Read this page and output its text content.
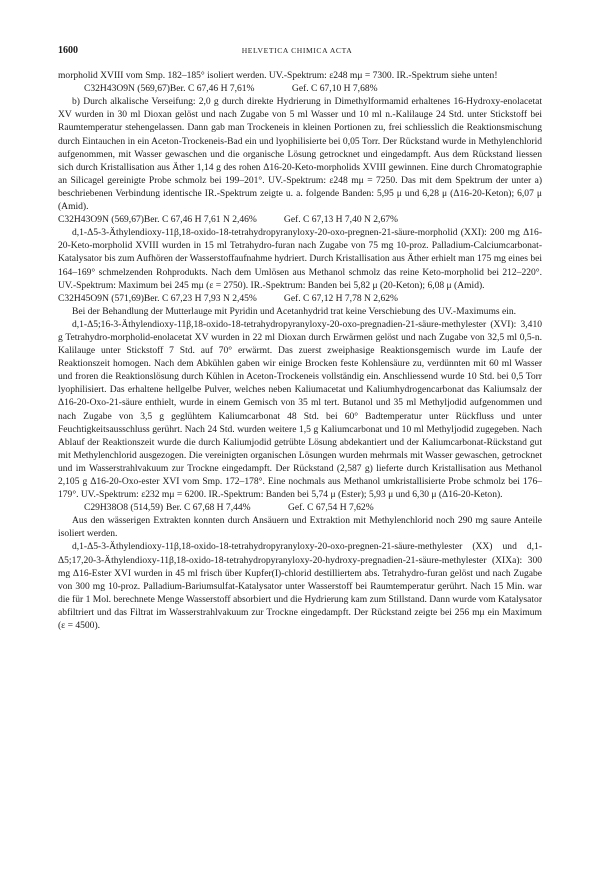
1600	HELVETICA CHIMICA ACTA

morpholid XVIII vom Smp. 182–185° isoliert werden. UV.-Spektrum: ε248 mμ = 7300. IR.-Spektrum siehe unten!

C32H43O9N (569,67) Ber. C 67,46 H 7,61%	Gef. C 67,10 H 7,68%

b) Durch alkalische Verseifung: 2,0 g durch direkte Hydrierung in Dimethylformamid erhaltenes 16-Hydroxy-enolacetat XV wurden in 30 ml Dioxan gelöst und nach Zugabe von 5 ml Wasser und 10 ml n.-Kalilauge 24 Std. unter Stickstoff bei Raumtemperatur stehengelassen. Dann gab man Trockeneis in kleinen Portionen zu, frei schliesslich die Reaktionsmischung durch Eintauchen in ein Aceton-Trockeneis-Bad ein und lyophilisierte bei 0,05 Torr. Der Rückstand wurde in Methylenchlorid aufgenommen, mit Wasser gewaschen und die organische Lösung getrocknet und eingedampft. Aus dem Rückstand liessen sich durch Kristallisation aus Äther 1,14 g des rohen Δ16-20-Keto-morpholids XVIII gewinnen. Eine durch Chromatographie an Silicagel gereinigte Probe schmolz bei 199–201°. UV.-Spektrum: ε248 mμ = 7250. Das mit dem Spektrum der unter a) beschriebenen Verbindung identische IR.-Spektrum zeigte u. a. folgende Banden: 5,95 μ und 6,28 μ (Δ16-20-Keton); 6,07 μ (Amid).

C32H43O9N (569,67) Ber. C 67,46 H 7,61 N 2,46%	Gef. C 67,13 H 7,40 N 2,67%

d,1-Δ5-3-Äthylendioxy-11β,18-oxido-18-tetrahydropyranyloxy-20-oxo-pregnen-21-säure-morpholid (XXI): 200 mg Δ16-20-Keto-morpholid XVIII wurden in 15 ml Tetrahydro-furan nach Zugabe von 75 mg 10-proz. Palladium-Calciumcarbonat-Katalysator bis zum Aufhören der Wasserstoffaufnahme hydriert. Durch Kristallisation aus Äther erhielt man 175 mg eines bei 164–169° schmelzenden Rohprodukts. Nach dem Umlösen aus Methanol schmolz das reine Keto-morpholid bei 212–220°. UV.-Spektrum: Maximum bei 245 mμ (ε = 2750). IR.-Spektrum: Banden bei 5,82 μ (20-Keton); 6,08 μ (Amid).

C32H45O9N (571,69) Ber. C 67,23 H 7,93 N 2,45%	Gef. C 67,12 H 7,78 N 2,62%

Bei der Behandlung der Mutterlauge mit Pyridin und Acetanhydrid trat keine Verschiebung des UV.-Maximums ein.

d,1-Δ5;16-3-Äthylendioxy-11β,18-oxido-18-tetrahydropyranyloxy-20-oxo-pregnadien-21-säure-methylester (XVI): 3,410 g Tetrahydro-morpholid-enolacetat XV wurden in 22 ml Dioxan durch Erwärmen gelöst und nach Zugabe von 32,5 ml 0,5-n. Kalilauge unter Stickstoff 7 Std. auf 70° erwärmt. Das zuerst zweiphasige Reaktionsgemisch wurde im Laufe der Reaktionszeit homogen. Nach dem Abkühlen gaben wir einige Brocken feste Kohlensäure zu, verdünnten mit 60 ml Wasser und froren die Reaktionslösung durch Kühlen in Aceton-Trockeneis vollständig ein. Anschliessend wurde 10 Std. bei 0,5 Torr lyophilisiert. Das erhaltene hellgelbe Pulver, welches neben Kaliumacetat und Kaliumhydrogencarbonat das Kaliumsalz der Δ16-20-Oxo-21-säure enthielt, wurde in einem Gemisch von 35 ml tert. Butanol und 35 ml Methyljodid aufgenommen und nach Zugabe von 3,5 g geglühtem Kaliumcarbonat 48 Std. bei 60° Badtemperatur unter Rückfluss und unter Feuchtigkeitsausschluss gerührt. Nach 24 Std. wurden weitere 1,5 g Kaliumcarbonat und 10 ml Methyljodid zugegeben. Nach Ablauf der Reaktionszeit wurde die durch Kaliumjodid getrübte Lösung abdekantiert und der Kaliumcarbonat-Rückstand gut mit Methylenchlorid ausgezogen. Die vereinigten organischen Lösungen wurden mehrmals mit Wasser gewaschen, getrocknet und im Wasserstrahlvakuum zur Trockne eingedampft. Der Rückstand (2,587 g) lieferte durch Kristallisation aus Methanol 2,105 g Δ16-20-Oxo-ester XVI vom Smp. 172–178°. Eine nochmals aus Methanol umkristallisierte Probe schmolz bei 176–179°. UV.-Spektrum: ε232 mμ = 6200. IR.-Spektrum: Banden bei 5,74 μ (Ester); 5,93 μ und 6,30 μ (Δ16-20-Keton).

C29H38O8 (514,59) Ber. C 67,68 H 7,44%	Gef. C 67,54 H 7,62%

Aus den wässerigen Extrakten konnten durch Ansäuern und Extraktion mit Methylenchlorid noch 290 mg saure Anteile isoliert werden.

d,1-Δ5-3-Äthylendioxy-11β,18-oxido-18-tetrahydropyranyloxy-20-oxo-pregnen-21-säure-methylester (XX) und d,1-Δ5;17,20-3-Äthylendioxy-11β,18-oxido-18-tetrahydropyranyloxy-20-hydroxy-pregnadien-21-säure-methylester (XIXa): 300 mg Δ16-Ester XVI wurden in 45 ml frisch über Kupfer(I)-chlorid destilliertem abs. Tetrahydro-furan gelöst und nach Zugabe von 300 mg 10-proz. Palladium-Bariumsulfat-Katalysator unter Wasserstoff bei Raumtemperatur gerührt. Nach 15 Min. war die für 1 Mol. berechnete Menge Wasserstoff absorbiert und die Hydrierung kam zum Stillstand. Dann wurde vom Katalysator abfiltriert und das Filtrat im Wasserstrahlvakuum zur Trockne eingedampft. Der Rückstand zeigte bei 256 mμ ein Maximum (ε = 4500).
